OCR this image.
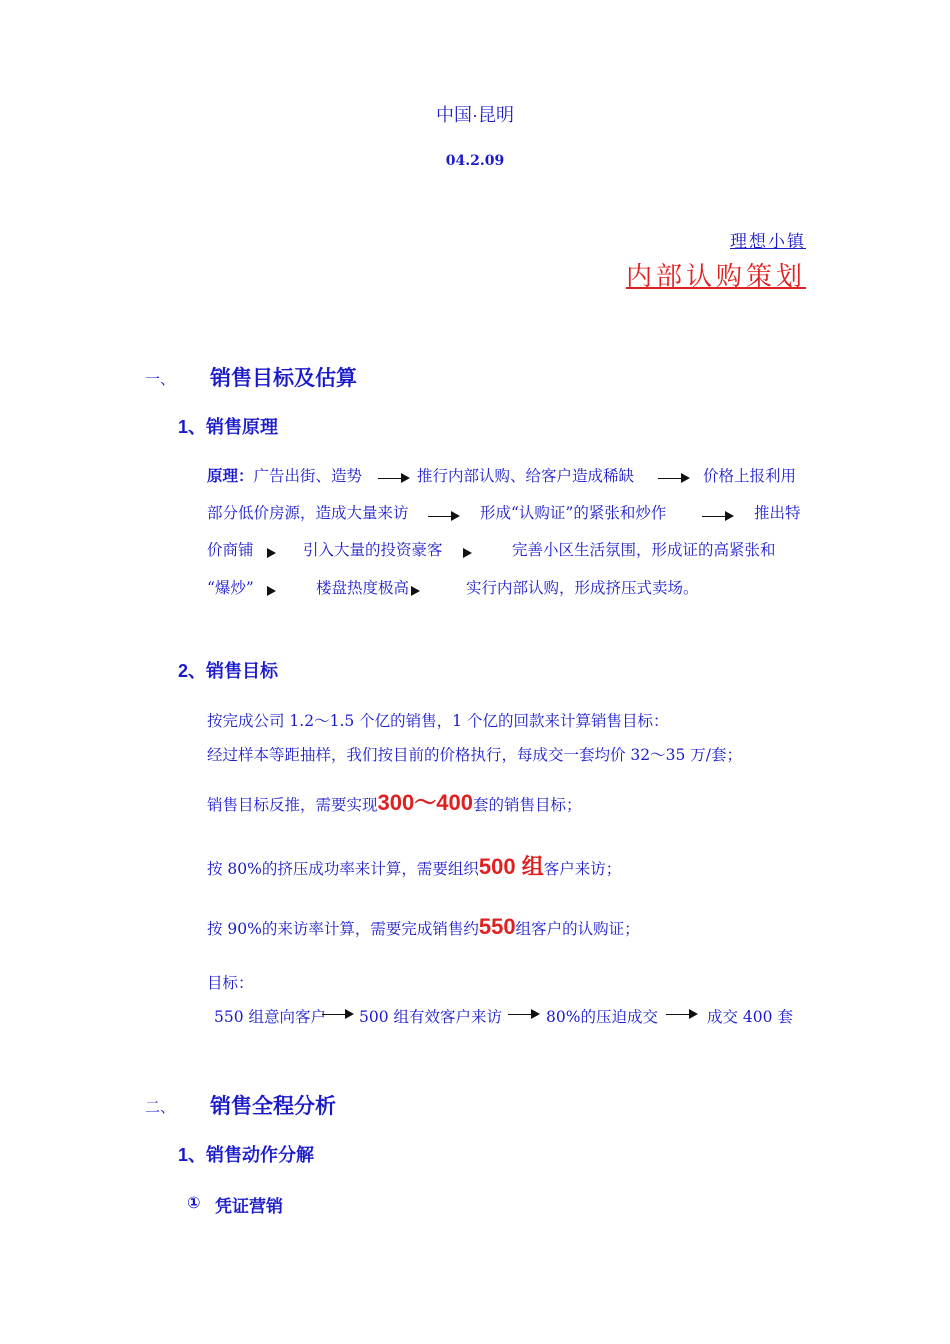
中国·昆明
04.2.09
理想小镇
内部认购策划
一、 销售目标及估算
1、销售原理
原理：广告出街、造势	推行内部认购、给客户造成稀缺	价格上报利用
部分低价房源，造成大量来访	形成“认购证”的紧张和炒作	推出特
价商铺	引入大量的投资豪客	完善小区生活氛围，形成证的高紧张和
“爆炒”	楼盘热度极高	实行内部认购，形成挤压式卖场。
2、销售目标
按完成公司 1.2～1.5 个亿的销售，1 个亿的回款来计算销售目标：
经过样本等距抽样，我们按目前的价格执行，每成交一套均价 32～35 万/套；
销售目标反推，需要实现300～400套的销售目标；
按 80%的挤压成功率来计算，需要组织500 组客户来访；
按 90%的来访率计算，需要完成销售约550组客户的认购证；
目标：
550 组意向客户 500 组有效客户来访	80%的压迫成交	成交 400 套
二、 销售全程分析
1、销售动作分解
① 凭证营销
